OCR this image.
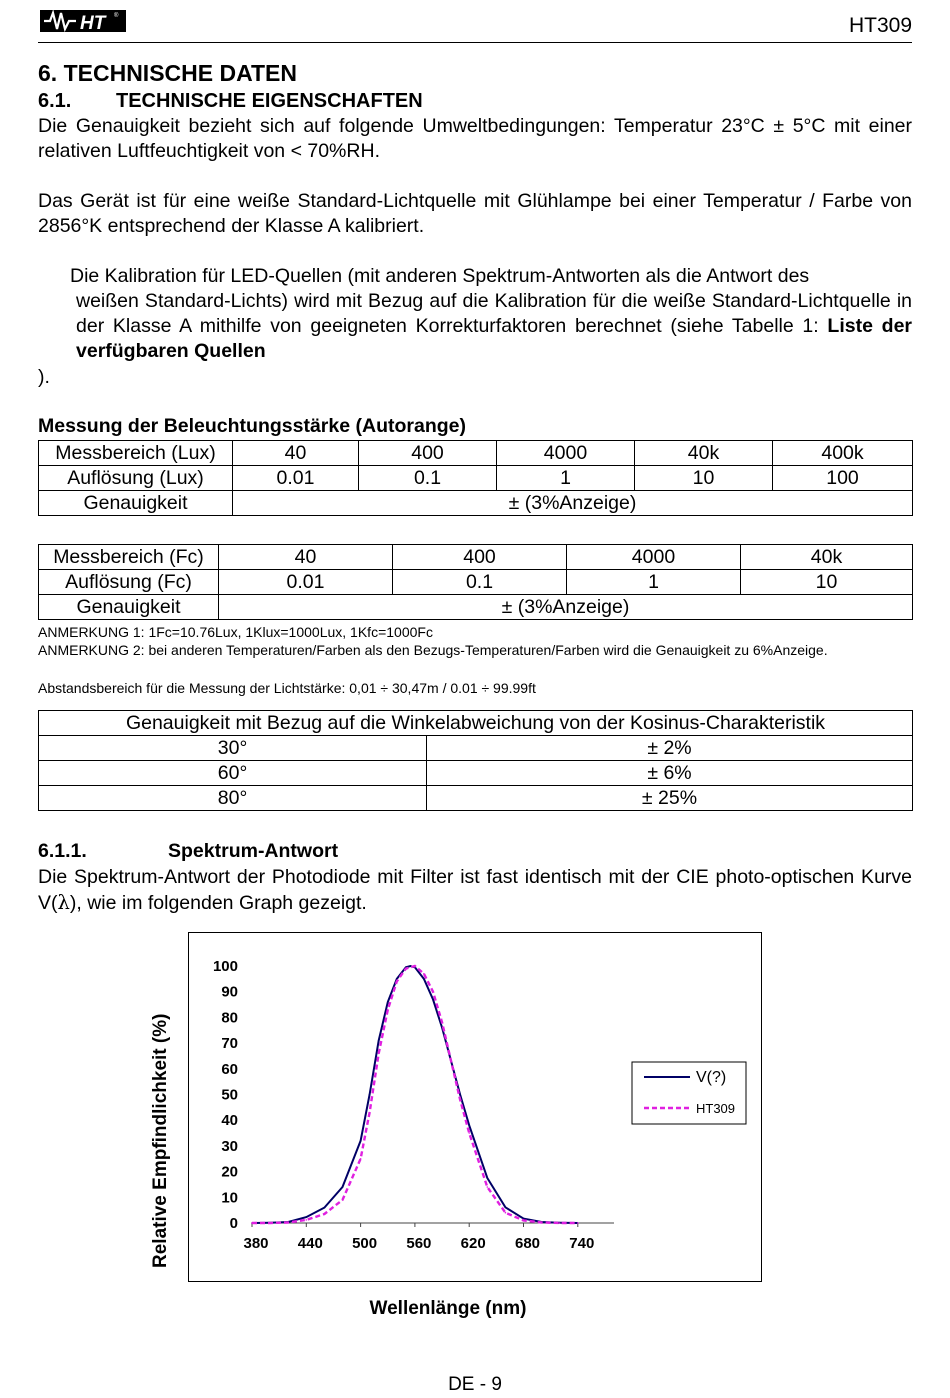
HT ®	HT309
6. TECHNISCHE DATEN
6.1. TECHNISCHE EIGENSCHAFTEN
Die Genauigkeit bezieht sich auf folgende Umweltbedingungen: Temperatur 23°C ± 5°C mit einer relativen Luftfeuchtigkeit von < 70%RH.
Das Gerät ist für eine weiße Standard-Lichtquelle mit Glühlampe bei einer Temperatur / Farbe von 2856°K entsprechend der Klasse A kalibriert.
Die Kalibration für LED-Quellen (mit anderen Spektrum-Antworten als die Antwort des
weißen Standard-Lichts) wird mit Bezug auf die Kalibration für die weiße Standard-Lichtquelle in der Klasse A mithilfe von geeigneten Korrekturfaktoren berechnet (siehe Tabelle 1: Liste der verfügbaren Quellen
).
Messung der Beleuchtungsstärke (Autorange)
Messbereich (Lux)	40	400	4000	40k	400k
Auflösung (Lux)	0.01	0.1	1	10	100
Genauigkeit	± (3%Anzeige)				
Messbereich (Fc)	40	400	4000	40k
Auflösung (Fc)	0.01	0.1	1	10
Genauigkeit	± (3%Anzeige)			
ANMERKUNG 1: 1Fc=10.76Lux, 1Klux=1000Lux, 1Kfc=1000Fc
ANMERKUNG 2: bei anderen Temperaturen/Farben als den Bezugs-Temperaturen/Farben wird die Genauigkeit zu 6%Anzeige.
Abstandsbereich für die Messung der Lichtstärke: 0,01 ÷ 30,47m / 0.01 ÷ 99.99ft
Genauigkeit mit Bezug auf die Winkelabweichung von der Kosinus-Charakteristik	
30°	± 2%
60°	± 6%
80°	± 25%
6.1.1.	Spektrum-Antwort
Die Spektrum-Antwort der Photodiode mit Filter ist fast identisch mit der CIE photo-optischen Kurve V(λ), wie im folgenden Graph gezeigt.
Relative Empfindlichkeit (%)
Wellenlänge (nm)
380 440 500 560 620 680 740
0
10
20
30
40
50
60
70
80
90
100
V(?)
HT309
DE - 9
